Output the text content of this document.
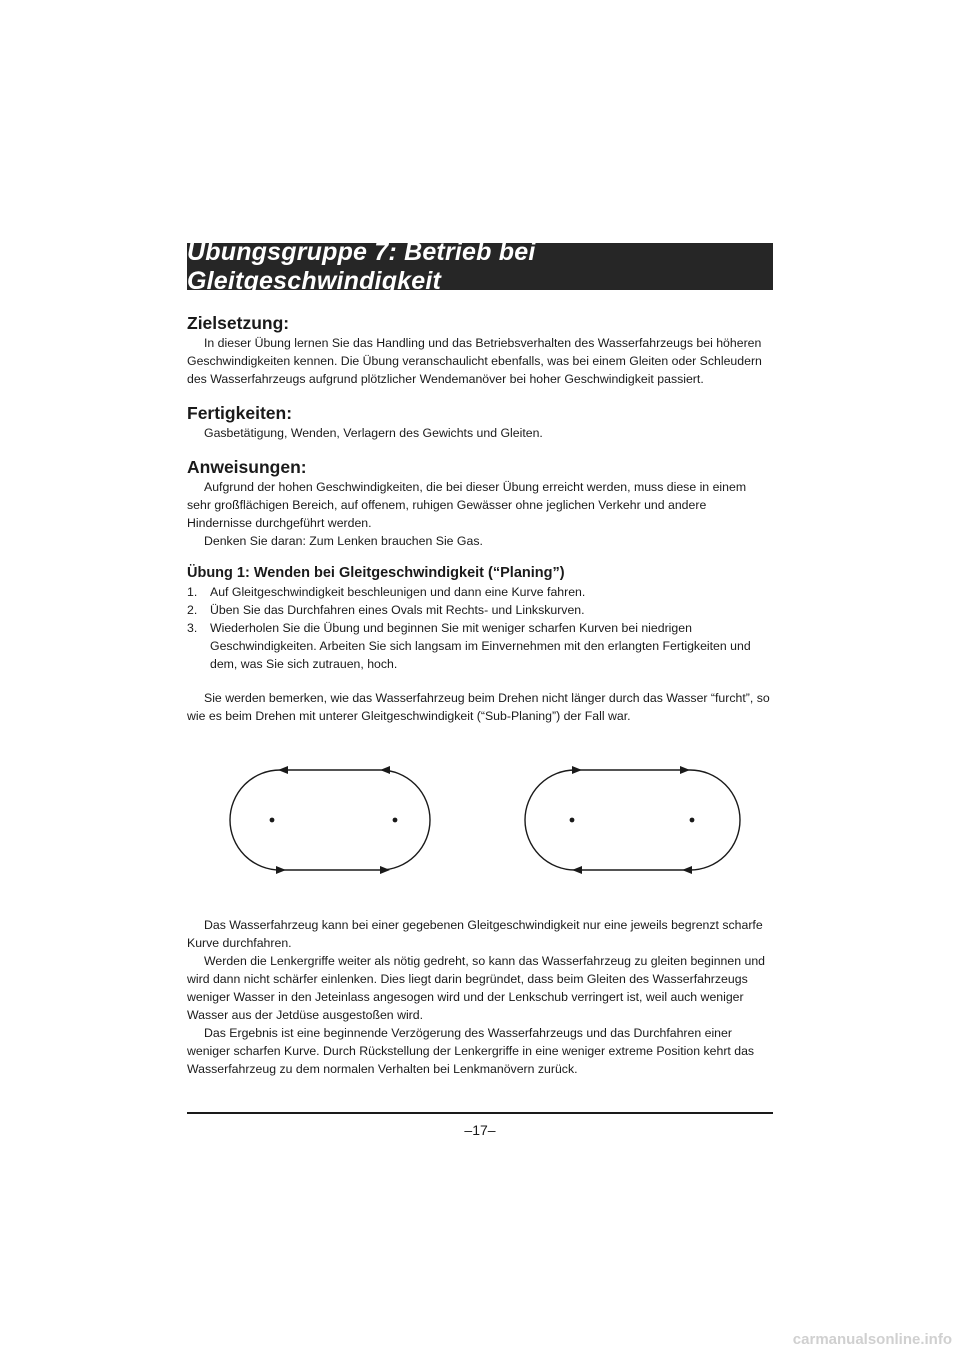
Übungsgruppe 7: Betrieb bei Gleitgeschwindigkeit
Zielsetzung:

In dieser Übung lernen Sie das Handling und das Betriebsverhalten des Wasserfahrzeugs bei höheren Geschwindigkeiten kennen. Die Übung veranschaulicht ebenfalls, was bei einem Gleiten oder Schleudern des Wasserfahrzeugs aufgrund plötzlicher Wendemanöver bei hoher Geschwindigkeit passiert.

Fertigkeiten:

Gasbetätigung, Wenden, Verlagern des Gewichts und Gleiten.

Anweisungen:

Aufgrund der hohen Geschwindigkeiten, die bei dieser Übung erreicht werden, muss diese in einem sehr großflächigen Bereich, auf offenem, ruhigen Gewässer ohne jeglichen Verkehr und andere Hindernisse durchgeführt werden.

Denken Sie daran: Zum Lenken brauchen Sie Gas.

Übung 1: Wenden bei Gleitgeschwindigkeit (“Planing”)
1.	Auf Gleitgeschwindigkeit beschleunigen und dann eine Kurve fahren.
2.	Üben Sie das Durchfahren eines Ovals mit Rechts- und Linkskurven.
3.	Wiederholen Sie die Übung und beginnen Sie mit weniger scharfen Kurven bei niedrigen Geschwindigkeiten. Arbeiten Sie sich langsam im Einvernehmen mit den erlangten Fertigkeiten und dem, was Sie sich zutrauen, hoch.

Sie werden bemerken, wie das Wasserfahrzeug beim Drehen nicht länger durch das Wasser “furcht”, so wie es beim Drehen mit unterer Gleitgeschwindigkeit (“Sub-Planing”) der Fall war.

Das Wasserfahrzeug kann bei einer gegebenen Gleitgeschwindigkeit nur eine jeweils begrenzt scharfe Kurve durchfahren.

Werden die Lenkergriffe weiter als nötig gedreht, so kann das Wasserfahrzeug zu gleiten beginnen und wird dann nicht schärfer einlenken. Dies liegt darin begründet, dass beim Gleiten des Wasserfahrzeugs weniger Wasser in den Jeteinlass angesogen wird und der Lenkschub verringert ist, weil auch weniger Wasser aus der Jetdüse ausgestoßen wird.

Das Ergebnis ist eine beginnende Verzögerung des Wasserfahrzeugs und das Durchfahren einer weniger scharfen Kurve. Durch Rückstellung der Lenkergriffe in eine weniger extreme Position kehrt das Wasserfahrzeug zu dem normalen Verhalten bei Lenkmanövern zurück.

–17–
carmanualsonline.info
